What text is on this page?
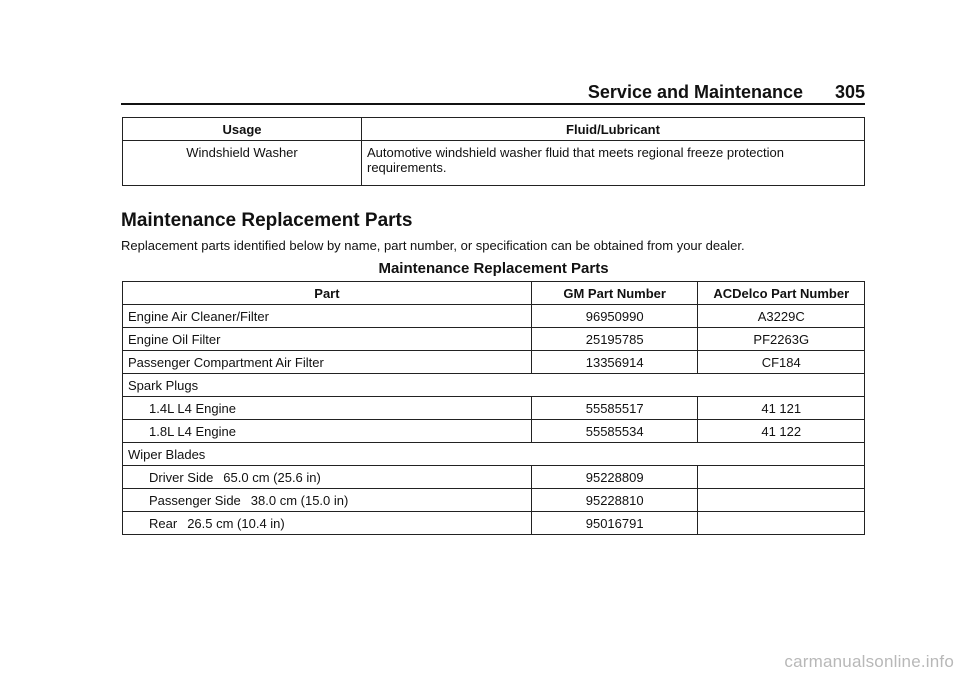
Service and Maintenance 305
Usage	Fluid/Lubricant
Windshield Washer	Automotive windshield washer fluid that meets regional freeze protection
requirements.
Maintenance Replacement Parts
Replacement parts identified below by name, part number, or specification can be obtained from your dealer.
Maintenance Replacement Parts
Part	GM Part Number	ACDelco Part Number
Engine Air Cleaner/Filter	96950990	A3229C
Engine Oil Filter	25195785	PF2263G
Passenger Compartment Air Filter	13356914	CF184
Spark Plugs		
1.4L L4 Engine	55585517	41 121
1.8L L4 Engine	55585534	41 122
Wiper Blades		
Driver Side 65.0 cm (25.6 in)	95228809	
Passenger Side 38.0 cm (15.0 in)	95228810	
Rear 26.5 cm (10.4 in)	95016791	
carmanualsonline.info
